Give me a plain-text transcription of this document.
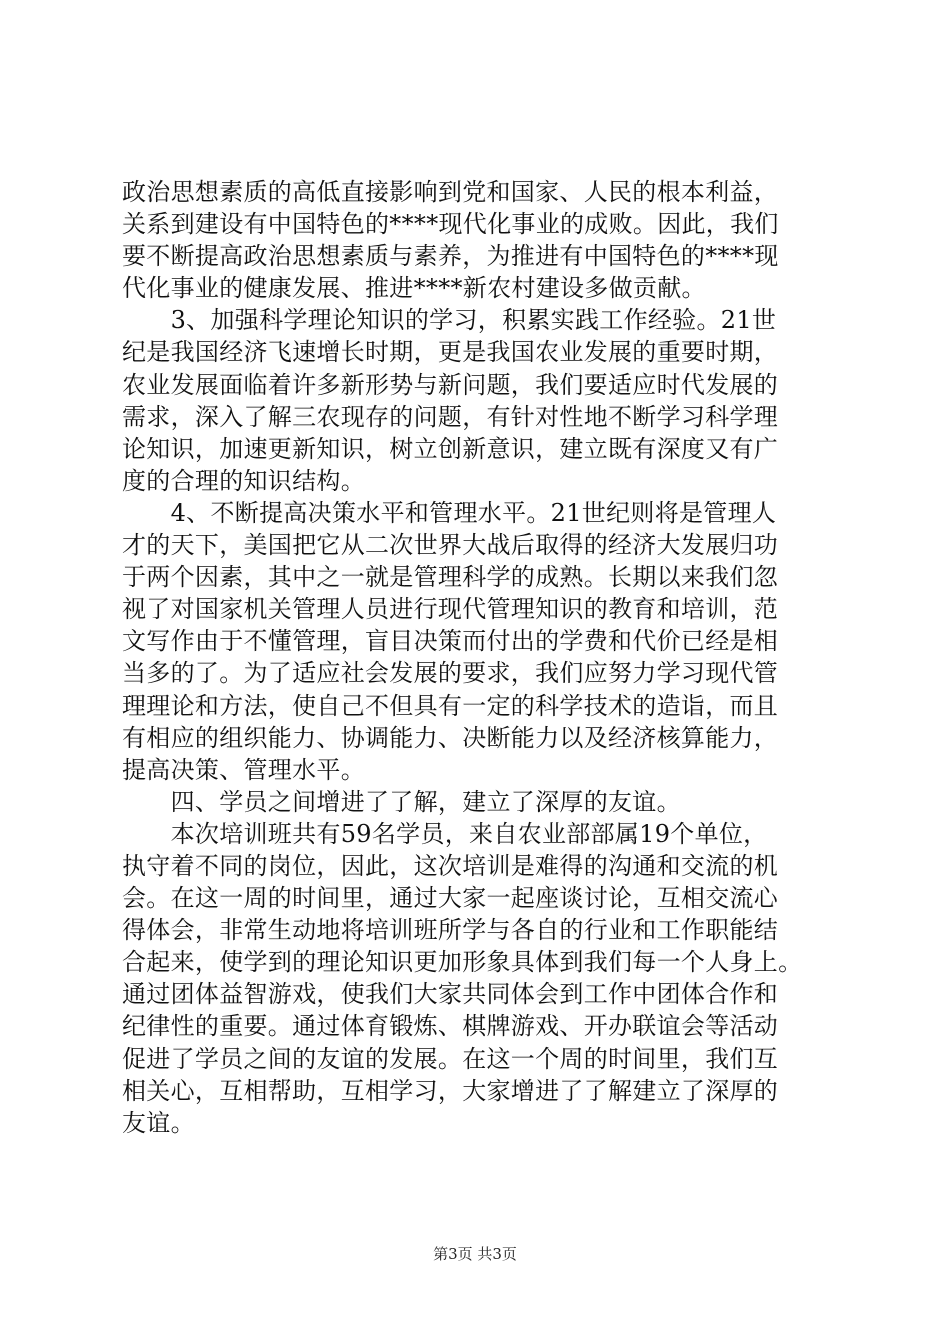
政治思想素质的高低直接影响到党和国家、人民的根本利益，
关系到建设有中国特色的****现代化事业的成败。因此，我们
要不断提高政治思想素质与素养，为推进有中国特色的****现
代化事业的健康发展、推进****新农村建设多做贡献。
　　3、加强科学理论知识的学习，积累实践工作经验。21世
纪是我国经济飞速增长时期，更是我国农业发展的重要时期，
农业发展面临着许多新形势与新问题，我们要适应时代发展的
需求，深入了解三农现存的问题，有针对性地不断学习科学理
论知识，加速更新知识，树立创新意识，建立既有深度又有广
度的合理的知识结构。
　　4、不断提高决策水平和管理水平。21世纪则将是管理人
才的天下，美国把它从二次世界大战后取得的经济大发展归功
于两个因素，其中之一就是管理科学的成熟。长期以来我们忽
视了对国家机关管理人员进行现代管理知识的教育和培训，范
文写作由于不懂管理，盲目决策而付出的学费和代价已经是相
当多的了。为了适应社会发展的要求，我们应努力学习现代管
理理论和方法，使自己不但具有一定的科学技术的造诣，而且
有相应的组织能力、协调能力、决断能力以及经济核算能力，
提高决策、管理水平。
　　四、学员之间增进了了解，建立了深厚的友谊。
　　本次培训班共有59名学员，来自农业部部属19个单位，
执守着不同的岗位，因此，这次培训是难得的沟通和交流的机
会。在这一周的时间里，通过大家一起座谈讨论，互相交流心
得体会，非常生动地将培训班所学与各自的行业和工作职能结
合起来，使学到的理论知识更加形象具体到我们每一个人身上。
通过团体益智游戏，使我们大家共同体会到工作中团体合作和
纪律性的重要。通过体育锻炼、棋牌游戏、开办联谊会等活动
促进了学员之间的友谊的发展。在这一个周的时间里，我们互
相关心，互相帮助，互相学习，大家增进了了解建立了深厚的
友谊。
第3页 共3页
